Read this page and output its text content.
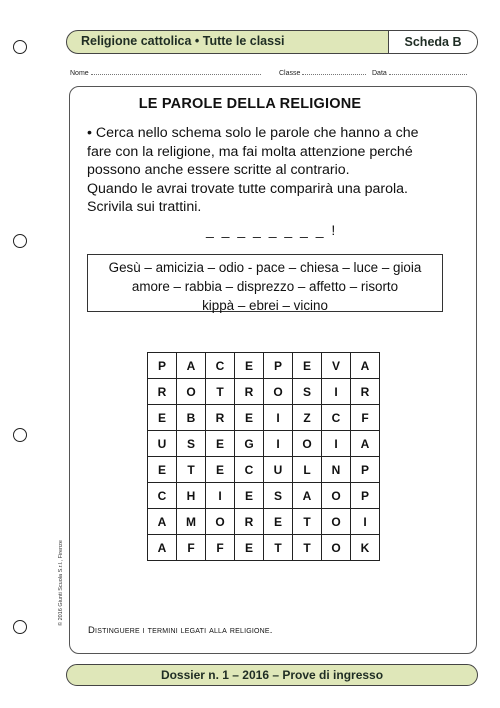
Religione cattolica • Tutte le classi	Scheda B
Nome	Classe	Data
LE PAROLE DELLA RELIGIONE

• Cerca nello schema solo le parole che hanno a che

fare con la religione, ma fai molta attenzione perché

possono anche essere scritte al contrario.

Quando le avrai trovate tutte comparirà una parola.

Scrivila sui trattini.

_ _ _ _ _ _ _ _ !
Gesù – amicizia – odio - pace – chiesa – luce – gioia
amore – rabbia – disprezzo – affetto – risorto
kippà – ebrei – vicino
P	A	C	E	P	E	V	A
R	O	T	R	O	S	I	R
E	B	R	E	I	Z	C	F
U	S	E	G	I	O	I	A
E	T	E	C	U	L	N	P
C	H	I	E	S	A	O	P
A	M	O	R	E	T	O	I
A	F	F	E	T	T	O	K
© 2016 Giunti Scuola S.r.l., Firenze
Distinguere i termini legati alla religione.
Dossier n. 1 – 2016 – Prove di ingresso
